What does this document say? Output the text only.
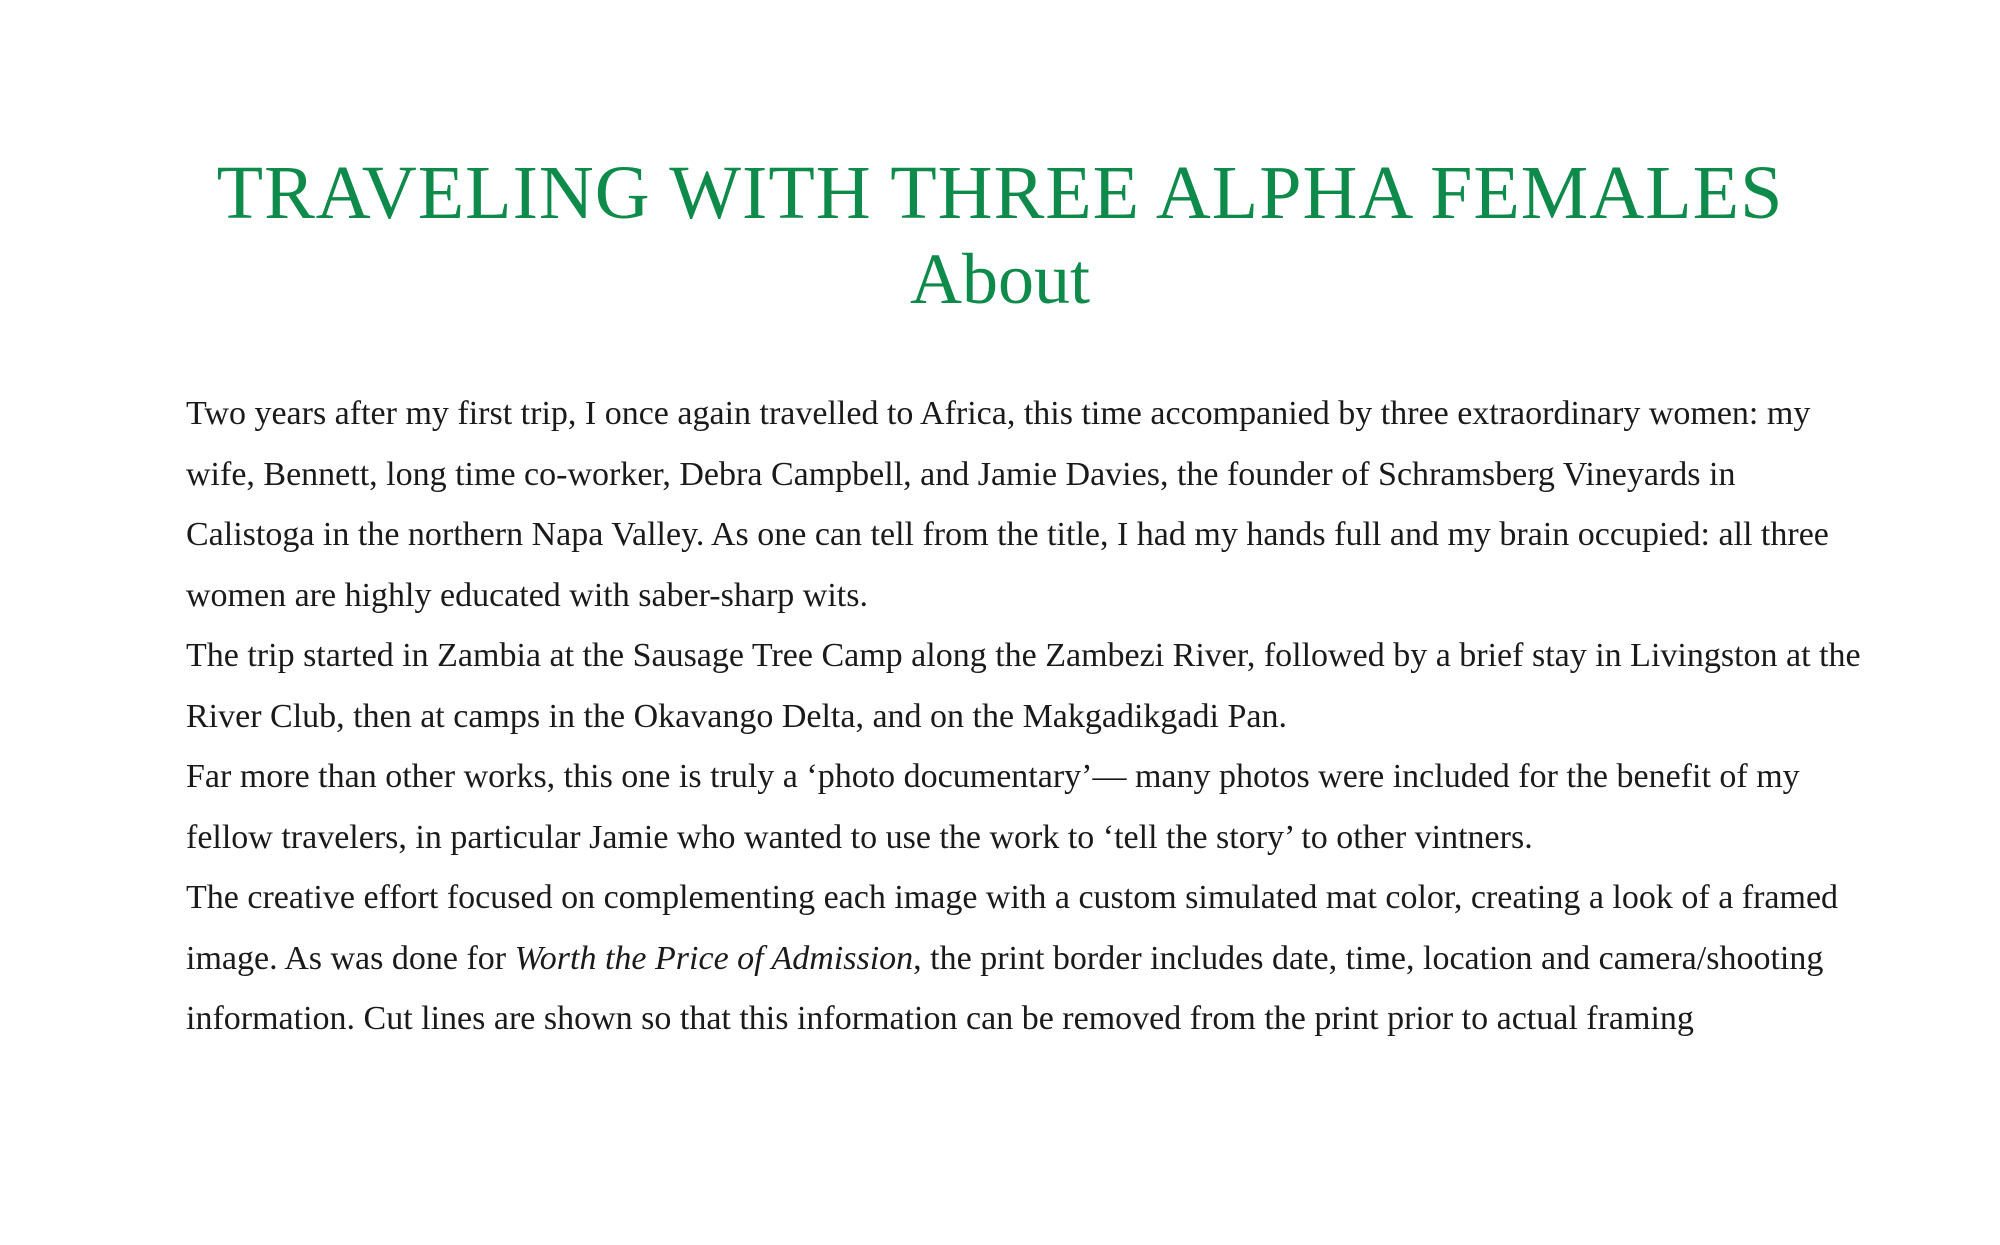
TRAVELING WITH THREE ALPHA FEMALES
About

Two years after my first trip, I once again travelled to Africa, this time accompanied by three extraordinary women: my wife, Bennett, long time co-worker, Debra Campbell, and Jamie Davies, the founder of Schramsberg Vineyards in Calistoga in the northern Napa Valley. As one can tell from the title, I had my hands full and my brain occupied: all three women are highly educated with saber-sharp wits.

The trip started in Zambia at the Sausage Tree Camp along the Zambezi River, followed by a brief stay in Livingston at the River Club, then at camps in the Okavango Delta, and on the Makgadikgadi Pan.

Far more than other works, this one is truly a ‘photo documentary’— many photos were included for the benefit of my fellow travelers, in particular Jamie who wanted to use the work to ‘tell the story’ to other vintners.

The creative effort focused on complementing each image with a custom simulated mat color, creating a look of a framed image. As was done for Worth the Price of Admission, the print border includes date, time, location and camera/shooting information. Cut lines are shown so that this information can be removed from the print prior to actual framing
